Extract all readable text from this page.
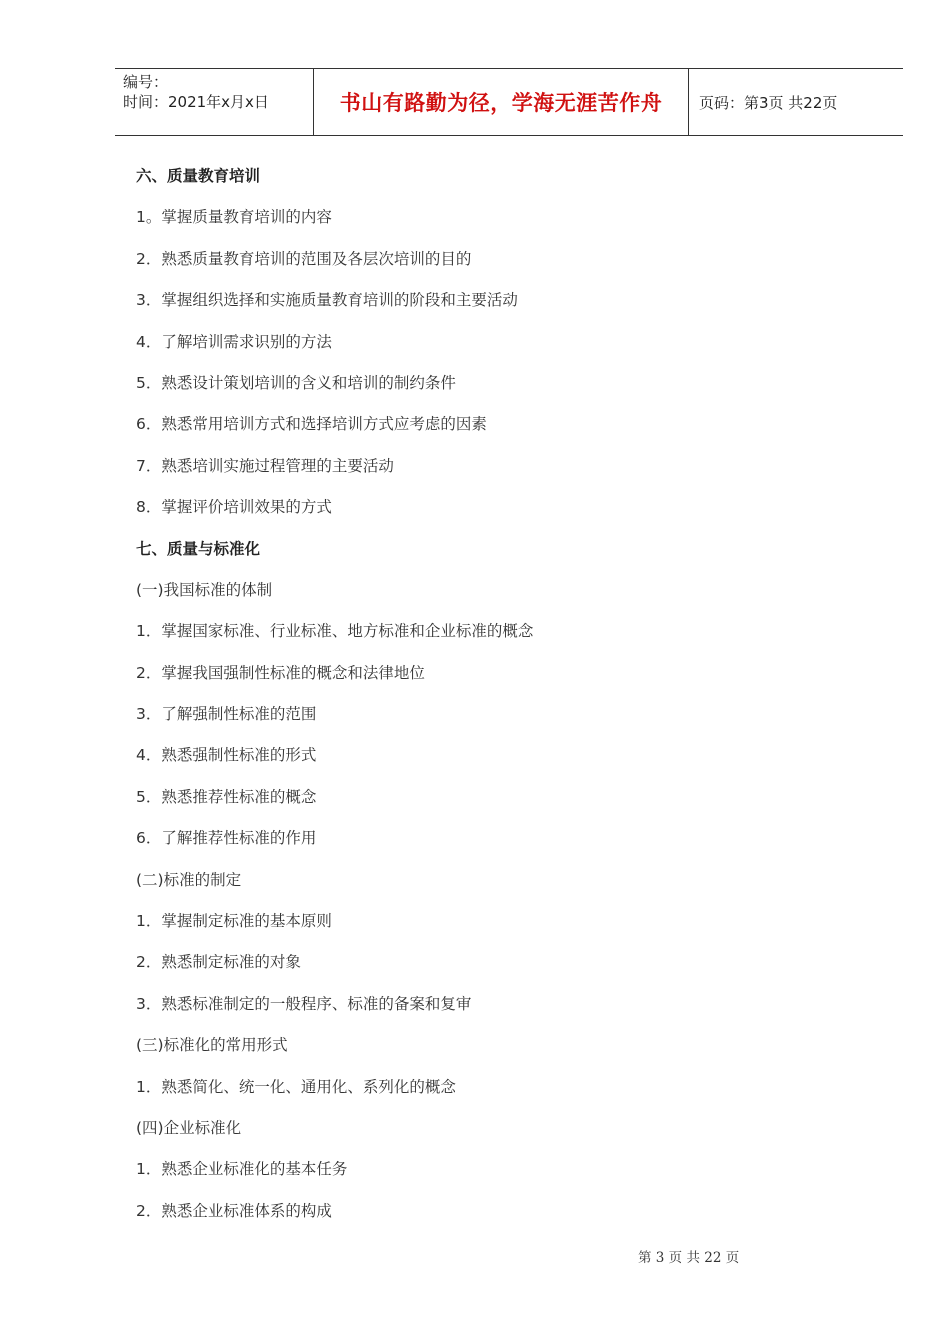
编号：
时间：2021年x月x日	书山有路勤为径，学海无涯苦作舟	页码：第3页 共22页
六、质量教育培训
1。掌握质量教育培训的内容
2．熟悉质量教育培训的范围及各层次培训的目的
3．掌握组织选择和实施质量教育培训的阶段和主要活动
4．了解培训需求识别的方法
5．熟悉设计策划培训的含义和培训的制约条件
6．熟悉常用培训方式和选择培训方式应考虑的因素
7．熟悉培训实施过程管理的主要活动
8．掌握评价培训效果的方式
七、质量与标准化
(一)我国标准的体制
1．掌握国家标准、行业标准、地方标准和企业标准的概念
2．掌握我国强制性标准的概念和法律地位
3．了解强制性标准的范围
4．熟悉强制性标准的形式
5．熟悉推荐性标准的概念
6．了解推荐性标准的作用
(二)标准的制定
1．掌握制定标准的基本原则
2．熟悉制定标准的对象
3．熟悉标准制定的一般程序、标准的备案和复审
(三)标准化的常用形式
1．熟悉简化、统一化、通用化、系列化的概念
(四)企业标准化
1．熟悉企业标准化的基本任务
2．熟悉企业标准体系的构成
第 3 页 共 22 页
